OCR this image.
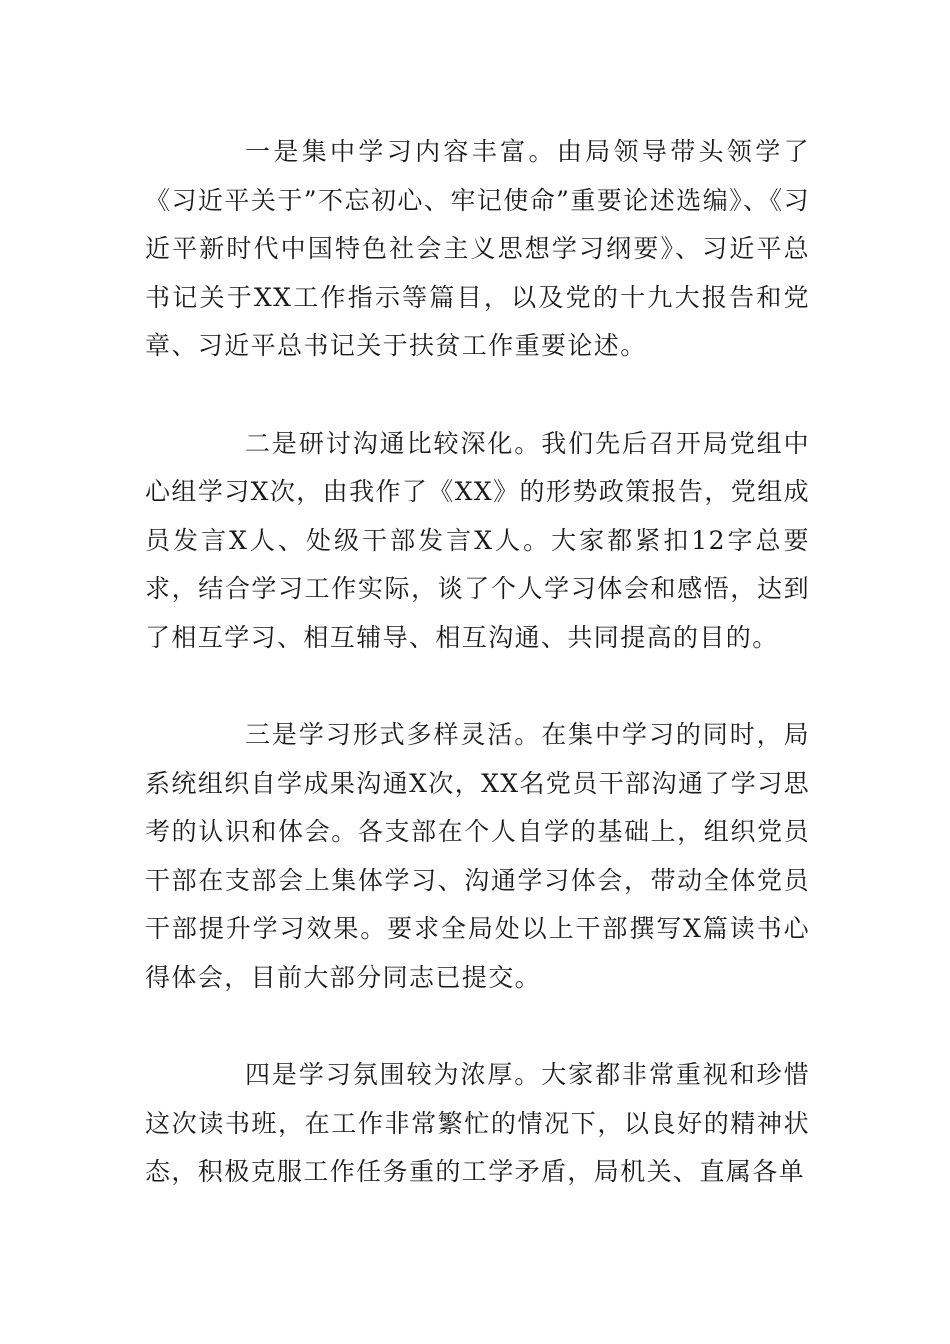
一是集中学习内容丰富。由局领导带头领学了《习近平关于”不忘初心、牢记使命”重要论述选编》、《习近平新时代中国特色社会主义思想学习纲要》、习近平总书记关于XX工作指示等篇目，以及党的十九大报告和党章、习近平总书记关于扶贫工作重要论述。

二是研讨沟通比较深化。我们先后召开局党组中心组学习X次，由我作了《XX》的形势政策报告，党组成员发言X人、处级干部发言X人。大家都紧扣12字总要求，结合学习工作实际，谈了个人学习体会和感悟，达到了相互学习、相互辅导、相互沟通、共同提高的目的。

三是学习形式多样灵活。在集中学习的同时，局系统组织自学成果沟通X次，XX名党员干部沟通了学习思考的认识和体会。各支部在个人自学的基础上，组织党员干部在支部会上集体学习、沟通学习体会，带动全体党员干部提升学习效果。要求全局处以上干部撰写X篇读书心得体会，目前大部分同志已提交。

四是学习氛围较为浓厚。大家都非常重视和珍惜这次读书班，在工作非常繁忙的情况下，以良好的精神状态，积极克服工作任务重的工学矛盾，局机关、直属各单
